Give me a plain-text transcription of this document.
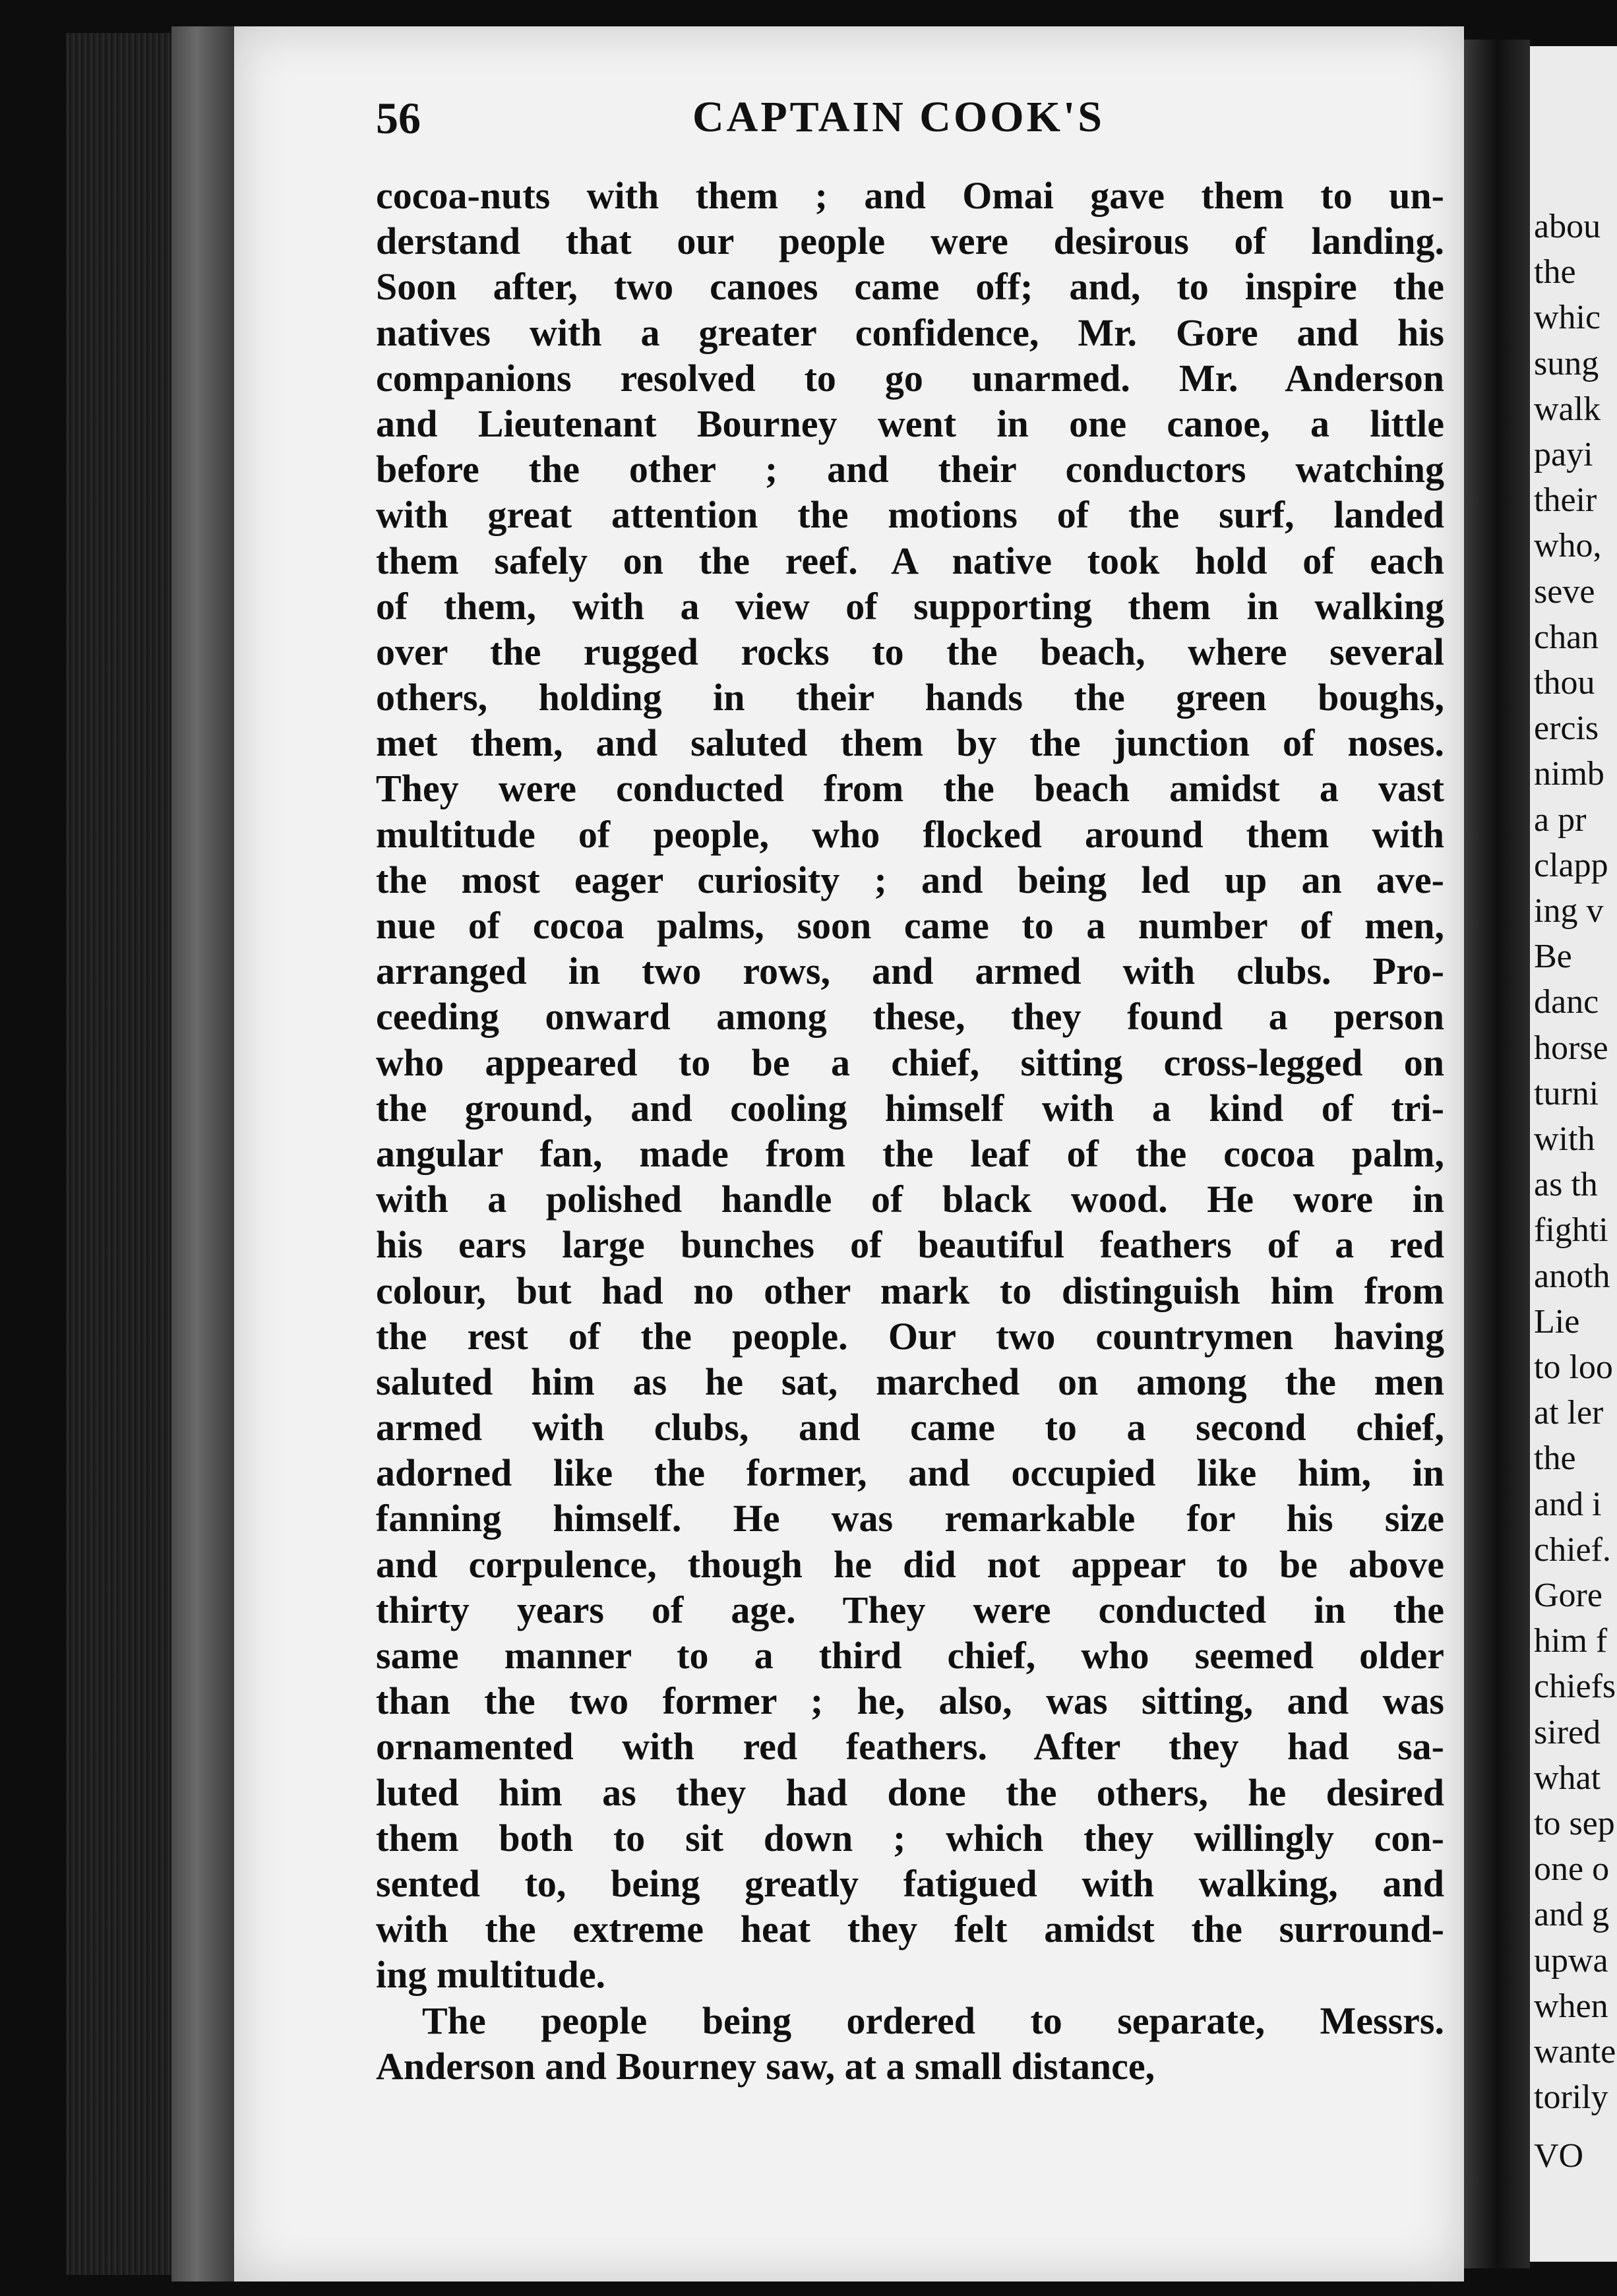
abou
the
whic
sung
walk
payi
their
who,
seve
chan
thou
ercis
nimb
a pr
clapp
ing v
Be
danc
horse
turni
with
as th
fighti
anoth
Lie
to loo
at ler
the
and i
chief.
Gore
him f
chiefs
sired
what
to sep
one o
and g
upwa
when
wante
torily
VO
56	CAPTAIN COOK'S
cocoa-nuts with them ; and Omai gave them to un-
derstand that our people were desirous of landing.
Soon after, two canoes came off; and, to inspire the
natives with a greater confidence, Mr. Gore and his
companions resolved to go unarmed. Mr. Anderson
and Lieutenant Bourney went in one canoe, a little
before the other ; and their conductors watching
with great attention the motions of the surf, landed
them safely on the reef. A native took hold of each
of them, with a view of supporting them in walking
over the rugged rocks to the beach, where several
others, holding in their hands the green boughs,
met them, and saluted them by the junction of noses.
They were conducted from the beach amidst a vast
multitude of people, who flocked around them with
the most eager curiosity ; and being led up an ave-
nue of cocoa palms, soon came to a number of men,
arranged in two rows, and armed with clubs. Pro-
ceeding onward among these, they found a person
who appeared to be a chief, sitting cross-legged on
the ground, and cooling himself with a kind of tri-
angular fan, made from the leaf of the cocoa palm,
with a polished handle of black wood. He wore in
his ears large bunches of beautiful feathers of a red
colour, but had no other mark to distinguish him from
the rest of the people. Our two countrymen having
saluted him as he sat, marched on among the men
armed with clubs, and came to a second chief,
adorned like the former, and occupied like him, in
fanning himself. He was remarkable for his size
and corpulence, though he did not appear to be above
thirty years of age. They were conducted in the
same manner to a third chief, who seemed older
than the two former ; he, also, was sitting, and was
ornamented with red feathers. After they had sa-
luted him as they had done the others, he desired
them both to sit down ; which they willingly con-
sented to, being greatly fatigued with walking, and
with the extreme heat they felt amidst the surround-
ing multitude.
The people being ordered to separate, Messrs.
Anderson and Bourney saw, at a small distance,
